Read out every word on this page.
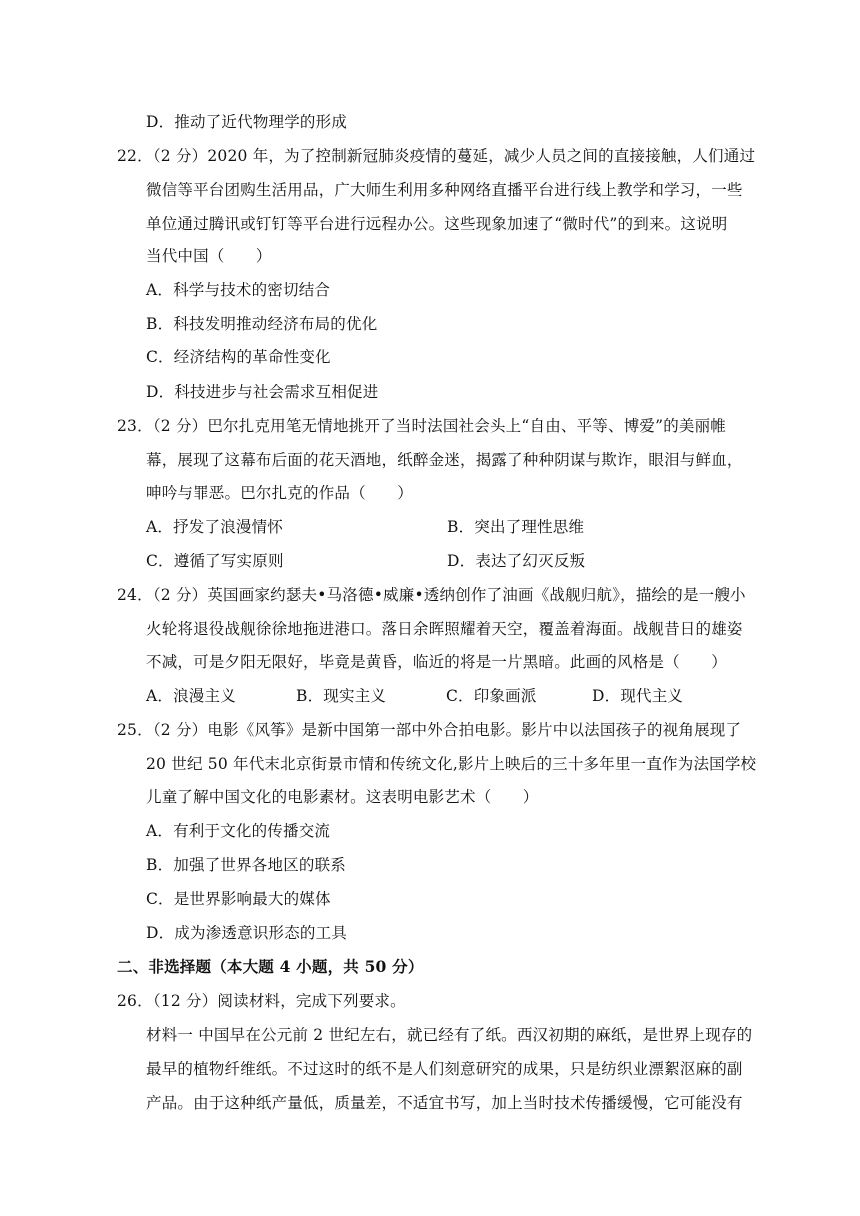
D．推动了近代物理学的形成
22．（2 分）2020 年，为了控制新冠肺炎疫情的蔓延，减少人员之间的直接接触，人们通过
微信等平台团购生活用品，广大师生利用多种网络直播平台进行线上教学和学习，一些
单位通过腾讯或钉钉等平台进行远程办公。这些现象加速了“微时代”的到来。这说明
当代中国（　　）
A．科学与技术的密切结合
B．科技发明推动经济布局的优化
C．经济结构的革命性变化
D．科技进步与社会需求互相促进
23．（2 分）巴尔扎克用笔无情地挑开了当时法国社会头上“自由、平等、博爱”的美丽帷
幕，展现了这幕布后面的花天酒地，纸醉金迷，揭露了种种阴谋与欺诈，眼泪与鲜血，
呻吟与罪恶。巴尔扎克的作品（　　）
A．抒发了浪漫情怀	B．突出了理性思维
C．遵循了写实原则	D．表达了幻灭反叛
24．（2 分）英国画家约瑟夫•马洛德•威廉•透纳创作了油画《战舰归航》，描绘的是一艘小
火轮将退役战舰徐徐地拖进港口。落日余晖照耀着天空，覆盖着海面。战舰昔日的雄姿
不减，可是夕阳无限好，毕竟是黄昏，临近的将是一片黑暗。此画的风格是（　　）
A．浪漫主义	B．现实主义	C．印象画派	D．现代主义
25．（2 分）电影《风筝》是新中国第一部中外合拍电影。影片中以法国孩子的视角展现了
20 世纪 50 年代末北京街景市情和传统文化,影片上映后的三十多年里一直作为法国学校
儿童了解中国文化的电影素材。这表明电影艺术（　　）
A．有利于文化的传播交流
B．加强了世界各地区的联系
C．是世界影响最大的媒体
D．成为渗透意识形态的工具
二、非选择题（本大题 4 小题，共 50 分）
26．（12 分）阅读材料，完成下列要求。
材料一 中国早在公元前 2 世纪左右，就已经有了纸。西汉初期的麻纸，是世界上现存的
最早的植物纤维纸。不过这时的纸不是人们刻意研究的成果，只是纺织业漂絮沤麻的副
产品。由于这种纸产量低，质量差，不适宜书写，加上当时技术传播缓慢，它可能没有
